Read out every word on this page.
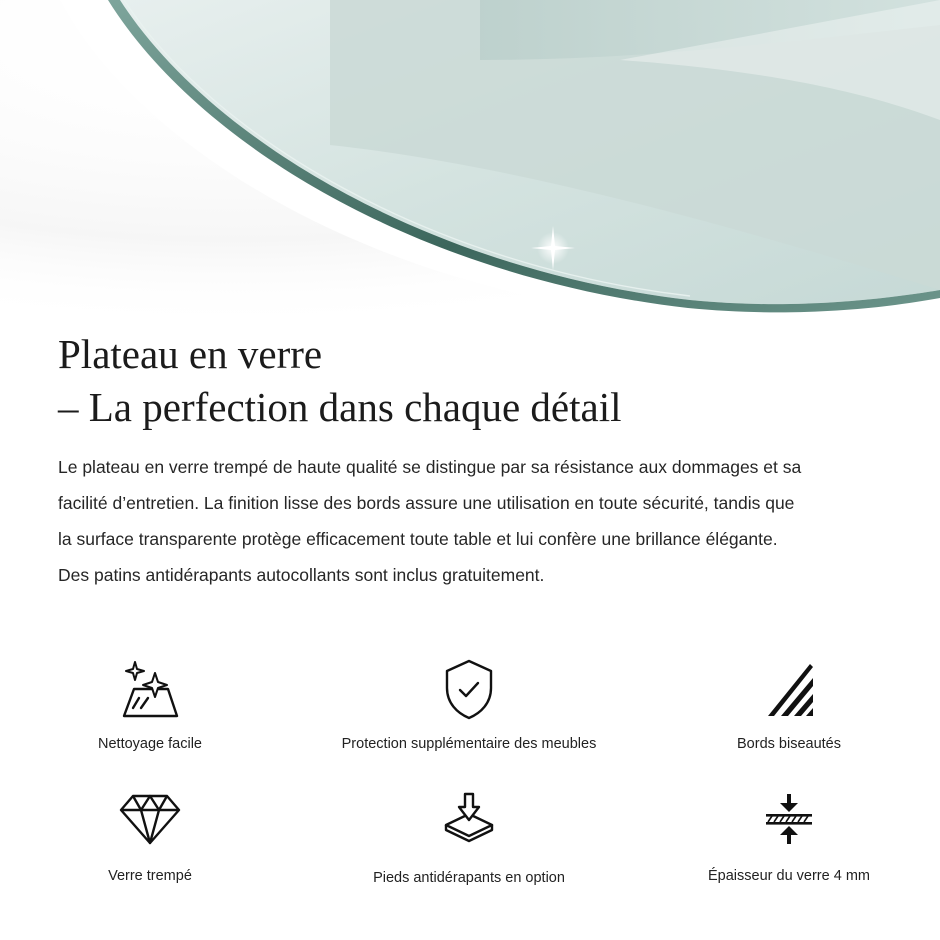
Plateau en verre
– La perfection dans chaque détail

Le plateau en verre trempé de haute qualité se distingue par sa résistance aux dommages et sa
facilité d’entretien. La finition lisse des bords assure une utilisation en toute sécurité, tandis que
la surface transparente protège efficacement toute table et lui confère une brillance élégante.
Des patins antidérapants autocollants sont inclus gratuitement.

Nettoyage facile	Protection supplémentaire des meubles	Bords biseautés
Verre trempé	Pieds antidérapants en option	Épaisseur du verre 4 mm
